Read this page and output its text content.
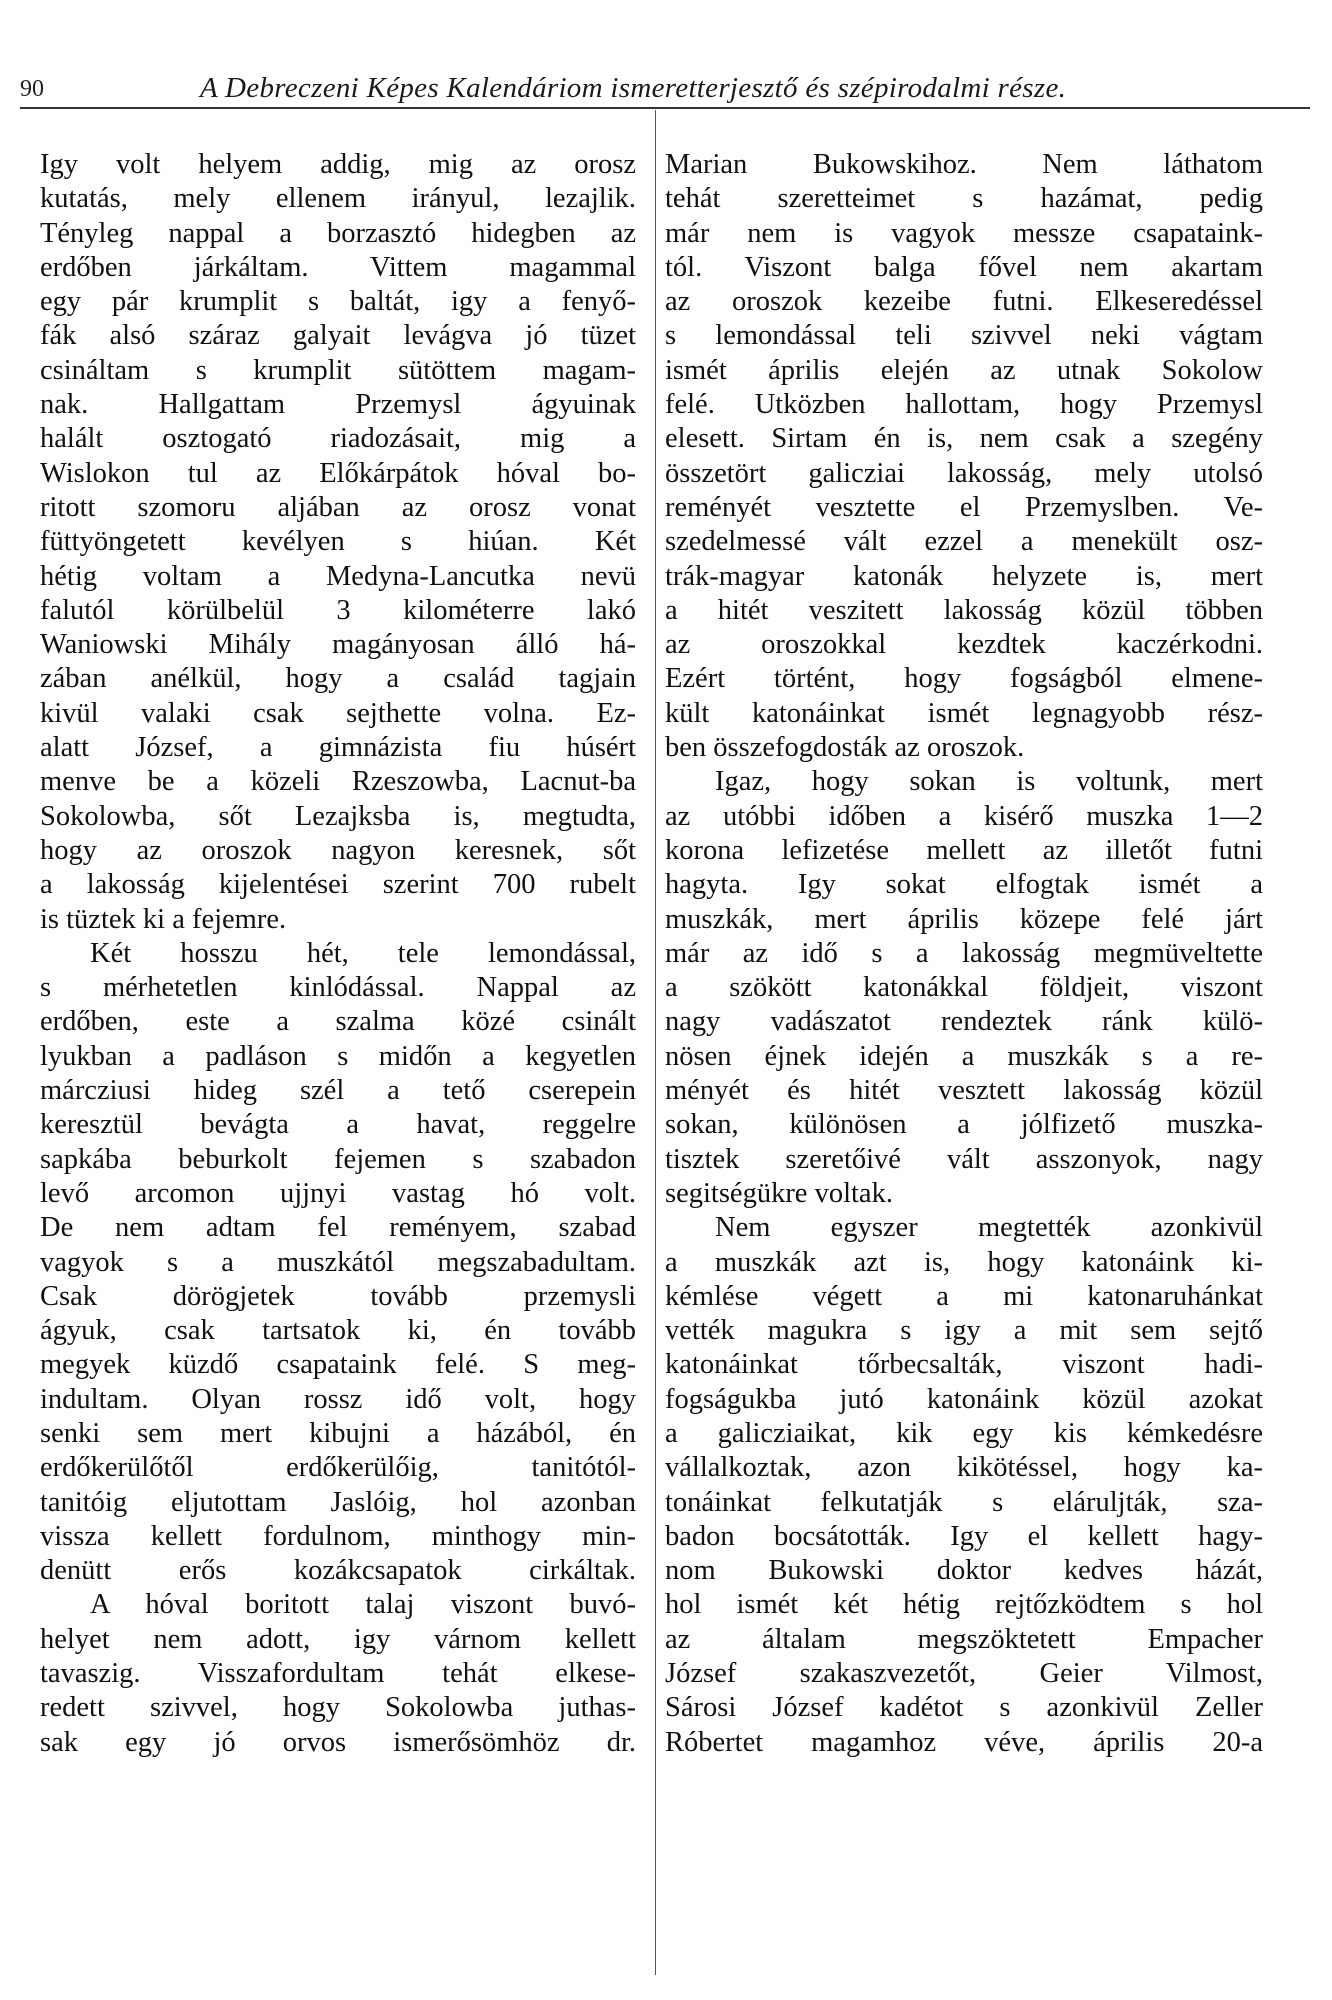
90	A Debreczeni Képes Kalendáriom ismeretterjesztő és szépirodalmi része.
Igy volt helyem addig, mig az orosz
kutatás, mely ellenem irányul, lezajlik.
Tényleg nappal a borzasztó hidegben az
erdőben járkáltam. Vittem magammal
egy pár krumplit s baltát, igy a fenyő-
fák alsó száraz galyait levágva jó tüzet
csináltam s krumplit sütöttem magam-
nak. Hallgattam Przemysl ágyuinak
halált osztogató riadozásait, mig a
Wislokon tul az Előkárpátok hóval bo-
ritott szomoru aljában az orosz vonat
füttyöngetett kevélyen s hiúan. Két
hétig voltam a Medyna-Lancutka nevü
falutól körülbelül 3 kilométerre lakó
Waniowski Mihály magányosan álló há-
zában anélkül, hogy a család tagjain
kivül valaki csak sejthette volna. Ez-
alatt József, a gimnázista fiu húsért
menve be a közeli Rzeszowba, Lacnut-ba
Sokolowba, sőt Lezajksba is, megtudta,
hogy az oroszok nagyon keresnek, sőt
a lakosság kijelentései szerint 700 rubelt
is tüztek ki a fejemre.
Két hosszu hét, tele lemondással,
s mérhetetlen kinlódással. Nappal az
erdőben, este a szalma közé csinált
lyukban a padláson s midőn a kegyetlen
márcziusi hideg szél a tető cserepein
keresztül bevágta a havat, reggelre
sapkába beburkolt fejemen s szabadon
levő arcomon ujjnyi vastag hó volt.
De nem adtam fel reményem, szabad
vagyok s a muszkától megszabadultam.
Csak dörögjetek tovább przemysli
ágyuk, csak tartsatok ki, én tovább
megyek küzdő csapataink felé. S meg-
indultam. Olyan rossz idő volt, hogy
senki sem mert kibujni a házából, én
erdőkerülőtől erdőkerülőig, tanitótól-
tanitóig eljutottam Jaslóig, hol azonban
vissza kellett fordulnom, minthogy min-
denütt erős kozákcsapatok cirkáltak.
A hóval boritott talaj viszont buvó-
helyet nem adott, igy várnom kellett
tavaszig. Visszafordultam tehát elkese-
redett szivvel, hogy Sokolowba juthas-
sak egy jó orvos ismerősömhöz dr.
Marian Bukowskihoz. Nem láthatom
tehát szeretteimet s hazámat, pedig
már nem is vagyok messze csapataink-
tól. Viszont balga fővel nem akartam
az oroszok kezeibe futni. Elkeseredéssel
s lemondással teli szivvel neki vágtam
ismét április elején az utnak Sokolow
felé. Utközben hallottam, hogy Przemysl
elesett. Sirtam én is, nem csak a szegény
összetört galicziai lakosság, mely utolsó
reményét vesztette el Przemyslben. Ve-
szedelmessé vált ezzel a menekült osz-
trák-magyar katonák helyzete is, mert
a hitét veszitett lakosság közül többen
az oroszokkal kezdtek kaczérkodni.
Ezért történt, hogy fogságból elmene-
kült katonáinkat ismét legnagyobb rész-
ben összefogdosták az oroszok.
Igaz, hogy sokan is voltunk, mert
az utóbbi időben a kisérő muszka 1—2
korona lefizetése mellett az illetőt futni
hagyta. Igy sokat elfogtak ismét a
muszkák, mert április közepe felé járt
már az idő s a lakosság megmüveltette
a szökött katonákkal földjeit, viszont
nagy vadászatot rendeztek ránk külö-
nösen éjnek idején a muszkák s a re-
ményét és hitét vesztett lakosság közül
sokan, különösen a jólfizető muszka-
tisztek szeretőivé vált asszonyok, nagy
segitségükre voltak.
Nem egyszer megtették azonkivül
a muszkák azt is, hogy katonáink ki-
kémlése végett a mi katonaruhánkat
vették magukra s igy a mit sem sejtő
katonáinkat tőrbecsalták, viszont hadi-
fogságukba jutó katonáink közül azokat
a galicziaikat, kik egy kis kémkedésre
vállalkoztak, azon kikötéssel, hogy ka-
tonáinkat felkutatják s eláruljták, sza-
badon bocsátották. Igy el kellett hagy-
nom Bukowski doktor kedves házát,
hol ismét két hétig rejtőzködtem s hol
az általam megszöktetett Empacher
József szakaszvezetőt, Geier Vilmost,
Sárosi József kadétot s azonkivül Zeller
Róbertet magamhoz véve, április 20-a
